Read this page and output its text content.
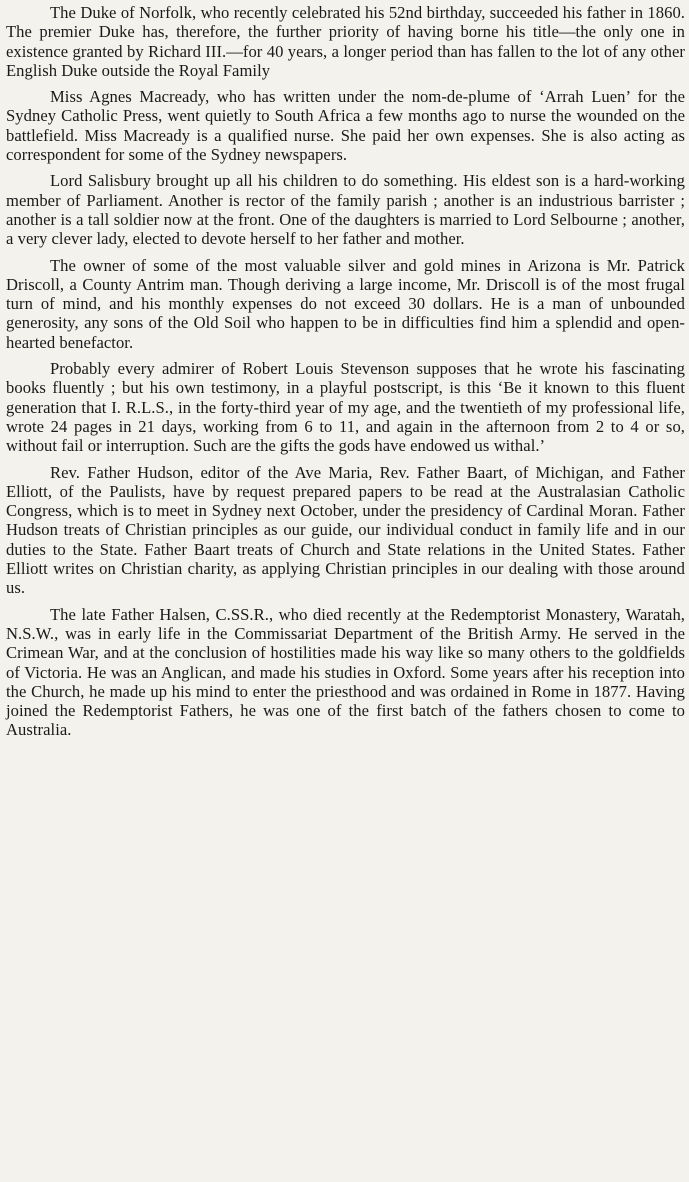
The Duke of Norfolk, who recently celebrated his 52nd birthday, succeeded his father in 1860. The premier Duke has, therefore, the further priority of having borne his title—the only one in existence granted by Richard III.—for 40 years, a longer period than has fallen to the lot of any other English Duke outside the Royal Family

Miss Agnes Macready, who has written under the nom-de-plume of ‘Arrah Luen’ for the Sydney Catholic Press, went quietly to South Africa a few months ago to nurse the wounded on the battlefield. Miss Macready is a qualified nurse. She paid her own expenses. She is also acting as correspondent for some of the Sydney newspapers.

Lord Salisbury brought up all his children to do something. His eldest son is a hard-working member of Parliament. Another is rector of the family parish ; another is an industrious barrister ; another is a tall soldier now at the front. One of the daughters is married to Lord Selbourne ; another, a very clever lady, elected to devote herself to her father and mother.

The owner of some of the most valuable silver and gold mines in Arizona is Mr. Patrick Driscoll, a County Antrim man. Though deriving a large income, Mr. Driscoll is of the most frugal turn of mind, and his monthly expenses do not exceed 30 dollars. He is a man of unbounded generosity, any sons of the Old Soil who happen to be in difficulties find him a splendid and open-hearted benefactor.

Probably every admirer of Robert Louis Stevenson supposes that he wrote his fascinating books fluently ; but his own testimony, in a playful postscript, is this ‘Be it known to this fluent generation that I. R.L.S., in the forty-third year of my age, and the twentieth of my professional life, wrote 24 pages in 21 days, working from 6 to 11, and again in the afternoon from 2 to 4 or so, without fail or interruption. Such are the gifts the gods have endowed us withal.’

Rev. Father Hudson, editor of the Ave Maria, Rev. Father Baart, of Michigan, and Father Elliott, of the Paulists, have by request prepared papers to be read at the Australasian Catholic Congress, which is to meet in Sydney next October, under the presidency of Cardinal Moran. Father Hudson treats of Christian principles as our guide, our individual conduct in family life and in our duties to the State. Father Baart treats of Church and State relations in the United States. Father Elliott writes on Christian charity, as applying Christian principles in our dealing with those around us.

The late Father Halsen, C.SS.R., who died recently at the Redemptorist Monastery, Waratah, N.S.W., was in early life in the Commissariat Department of the British Army. He served in the Crimean War, and at the conclusion of hostilities made his way like so many others to the goldfields of Victoria. He was an Anglican, and made his studies in Oxford. Some years after his reception into the Church, he made up his mind to enter the priesthood and was ordained in Rome in 1877. Having joined the Redemptorist Fathers, he was one of the first batch of the fathers chosen to come to Australia.
